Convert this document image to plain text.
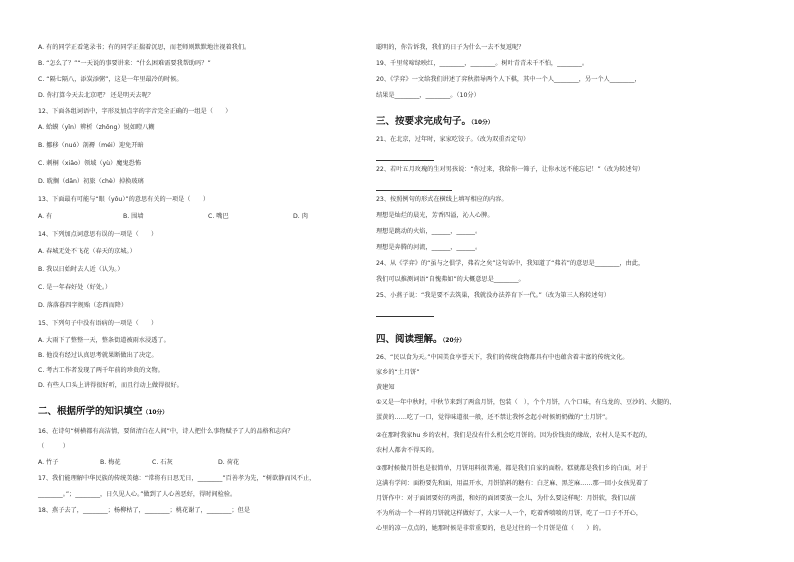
A. 有的同学正看笔录书；有的同学正揣着沉思，而老师则默默地注视着我们。
B. “怎么了？”“一天说的事要讲来：“什么困难需要我帮助吗？”
C. “隔七隔八，添炭添粥”，这是一年里最冷的时候。
D. 你打算今天去北京吧？ 还是明天去呢？
12、下面各组词语中，字形及加点字的字音完全正确的一组是（　　）
A. 蛤蟆（yǐn）辨析（zhōng）锐如瞪八糊
B. 挪移（nuó）剖褥（méi）迎免开暗
C. 刺桐（xiāo）领域（yù）魔鬼恐怖
D. 耽搁（dān）初旅（chè）掉换玻璃
13、下面最有可能与“眼（yǒu）”的意思有关的一项是（　　）
A. 有	B. 围墙	C. 嘴巴	D. 肉
14、下列加点词意思有误的一项是（　　）
A. 春城无处不飞花（春天的京城。）
B. 我以日始时去人近（认为。）
C. 是一年春好处（好处。）
D. 落落暮四字规贻（态西而降）
15、下列句子中没有语病的一项是（　　）
A. 大雨下了整整一天，整条街道被雨水浸透了。
B. 他没有经过认真思考就果断做出了决定。
C. 考古工作者发现了两千年前的珍贵的文物。
D. 有些人口头上讲得很好听，而且行动上做得很好。
二、根据所学的知识填空（10分）
16、在诗句“树横都有高洁情，要留清白在人间”中，诗人把什么事物赋予了人的品格和志向？
（　　　）
A. 竹子	B. 梅花	C. 石灰	D. 荷花
17、我们能理解中华民族的传统美德：“常将有日思无日，________”百善孝为先，“树欲静而风不止，
________。”；________，日久见人心。”做到了人心善恶好，得时间检验。
18、燕子去了，________；杨柳枯了，________；桃花谢了，________；但是
聪明的，你告诉我，我们的日子为什么一去不复返呢？
19、千里莺啼绿映红，________，________。树叶青青未千不怕，________。
20、《学弈》一文给我们讲述了弈秋指导两个人下棋，其中一个人________，另一个人________，
结果是________，________。（10分）
三、按要求完成句子。（10分）
21、在北京，过年时，家家吃饺子。（改为双重否定句）
22、若叶五月玫瑰的生对男孩说：“你过来，我给你一筛子，让你永远不能忘记！”（改为转述句）
23、按照例句的形式在横线上填写相应的内容。
理想是灿烂的晨光，芳香四溢，沁人心脾。
理想是跳动的火焰，______，______。
理想是奔腾的河流，______，______。
24、从《学弈》的“虽与之俱学，弗若之矣”这句话中，我知道了“弗若”的意思是________，由此，
我们可以推测词语“自愧弗如”的大概意思是________。
25、小燕子说：“我是要不去筑巢，我就没办法养育下一代。”（改为第三人称转述句）
四、阅读理解。（20分）
26、“民以食为天。”中国美食享誉天下，我们的传统食物都具有中也蕴含着丰富的传统文化。
家乡的“土月饼”
黄建知
①又是一年中秋时，中秋节来到了两盒月饼，包装（　），个个月饼，八个口味，有乌龙的、豆沙的、火腿的、
蛋黄的……吃了一口，觉得味道很一般，还不禁让我怀念起小时候奶奶做的“土月饼”。
②在那时我家hu 乡的农村，我们是没有什么机会吃月饼的。因为价钱贵的缘故，农村人是买不起的，
农村人都舍不得买的。
③那时候做月饼也是很简单，月饼用料很普通，都是我们自家的面粉。糕就都是我们乡的白面，对于
这满有学问：面粉要先和面，用温开水，月饼馅料的糖有：白芝麻、黑芝麻……那一回小女孩见着了
月饼作中：对于面团要好的鸡蛋，和好的面团要放一会儿，为什么要这样呢：月饼软，我们以前
不为所动一个一样的月饼就这样做好了，大家一人一个，吃着香喷喷的月饼，吃了一口子不开心，
心里的凉一点点的，她那时候是非常重要的，也是过往的一个月饼是值（　　）的。
